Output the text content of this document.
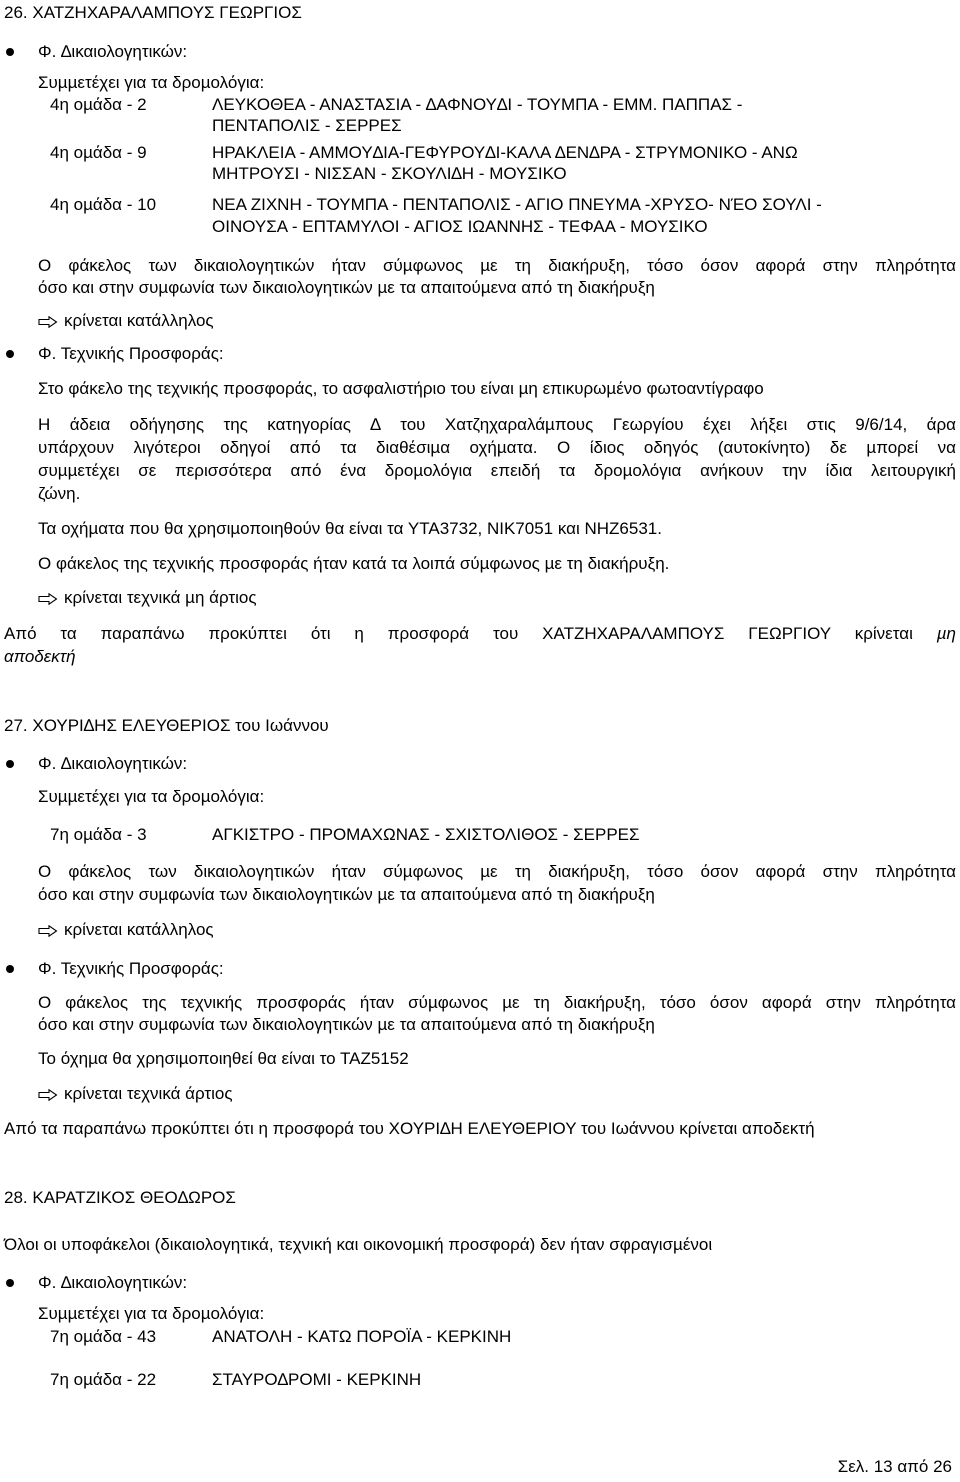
26. ΧΑΤΖΗΧΑΡΑΛΑΜΠΟΥΣ ΓΕΩΡΓΙΟΣ
Φ. ∆ικαιολογητικών:
Συµµετέχει για τα δροµολόγια:
4η οµάδα - 2	ΛΕΥΚΟΘΕΑ - ΑΝΑΣΤΑΣΙΑ - ∆ΑΦΝΟΥ∆Ι - ΤΟΥΜΠΑ - ΕΜΜ. ΠΑΠΠΑΣ -
ΠΕΝΤΑΠΟΛΙΣ - ΣΕΡΡΕΣ
4η οµάδα - 9	ΗΡΑΚΛΕΙΑ - ΑΜΜΟΥ∆ΙΑ-ΓΕΦΥΡΟΥ∆Ι-ΚΑΛΑ ∆ΕΝ∆ΡΑ - ΣΤΡΥΜΟΝΙΚΟ - ΑΝΩ
ΜΗΤΡΟΥΣΙ - ΝΙΣΣΑΝ - ΣΚΟΥΛΙ∆Η - ΜΟΥΣΙΚΟ
4η οµάδα - 10	ΝΕΑ ΖΙΧΝΗ - ΤΟΥΜΠΑ - ΠΕΝΤΑΠΟΛΙΣ - ΑΓΙΟ ΠΝΕΥΜΑ -ΧΡΥΣΟ- ΝΈΟ ΣΟΥΛΙ -
ΟΙΝΟΥΣΑ - ΕΠΤΑΜΥΛΟΙ - ΑΓΙΟΣ ΙΩΑΝΝΗΣ - ΤΕΦΑΑ - ΜΟΥΣΙΚΟ
Ο φάκελος των δικαιολογητικών ήταν σύµφωνος µε τη διακήρυξη, τόσο όσον αφορά στην πληρότητα
όσο και στην συµφωνία των δικαιολογητικών µε τα απαιτούµενα από τη διακήρυξη
κρίνεται κατάλληλος
Φ. Τεχνικής Προσφοράς:
Στο φάκελο της τεχνικής προσφοράς, το ασφαλιστήριο του είναι µη επικυρωµένο φωτοαντίγραφο
Η άδεια οδήγησης της κατηγορίας ∆ του Χατζηχαραλάµπους Γεωργίου έχει λήξει στις 9/6/14, άρα
υπάρχουν λιγότεροι οδηγοί από τα διαθέσιµα οχήµατα. Ο ίδιος οδηγός (αυτοκίνητο) δε µπορεί να
συµµετέχει σε περισσότερα από ένα δροµολόγια επειδή τα δροµολόγια ανήκουν την ίδια λειτουργική
ζώνη.
Τα οχήµατα που θα χρησιµοποιηθούν θα είναι τα ΥΤΑ3732, ΝΙΚ7051 και ΝΗΖ6531.
Ο φάκελος της τεχνικής προσφοράς ήταν κατά τα λοιπά σύµφωνος µε τη διακήρυξη.
κρίνεται τεχνικά µη άρτιος
Από τα παραπάνω προκύπτει ότι η προσφορά του ΧΑΤΖΗΧΑΡΑΛΑΜΠΟΥΣ ΓΕΩΡΓΙΟΥ κρίνεται µη
αποδεκτή
27. ΧΟΥΡΙ∆ΗΣ ΕΛΕΥΘΕΡΙΟΣ του Ιωάννου
Φ. ∆ικαιολογητικών:
Συµµετέχει για τα δροµολόγια:
7η οµάδα - 3	ΑΓΚΙΣΤΡΟ - ΠΡΟΜΑΧΩΝΑΣ - ΣΧΙΣΤΟΛΙΘΟΣ - ΣΕΡΡΕΣ
Ο φάκελος των δικαιολογητικών ήταν σύµφωνος µε τη διακήρυξη, τόσο όσον αφορά στην πληρότητα
όσο και στην συµφωνία των δικαιολογητικών µε τα απαιτούµενα από τη διακήρυξη
κρίνεται κατάλληλος
Φ. Τεχνικής Προσφοράς:
Ο φάκελος της τεχνικής προσφοράς ήταν σύµφωνος µε τη διακήρυξη, τόσο όσον αφορά στην πληρότητα
όσο και στην συµφωνία των δικαιολογητικών µε τα απαιτούµενα από τη διακήρυξη
Το όχηµα θα χρησιµοποιηθεί θα είναι το ΤΑΖ5152
κρίνεται τεχνικά άρτιος
Από τα παραπάνω προκύπτει ότι η προσφορά του ΧΟΥΡΙ∆Η ΕΛΕΥΘΕΡΙΟΥ του Ιωάννου κρίνεται αποδεκτή
28. ΚΑΡΑΤΖΙΚΟΣ ΘΕΟ∆ΩΡΟΣ
Όλοι οι υποφάκελοι (δικαιολογητικά, τεχνική και οικονοµική προσφορά) δεν ήταν σφραγισµένοι
Φ. ∆ικαιολογητικών:
Συµµετέχει για τα δροµολόγια:
7η οµάδα - 43	ΑΝΑΤΟΛΗ - ΚΑΤΩ ΠΟΡΟΪΑ - ΚΕΡΚΙΝΗ
7η οµάδα - 22	ΣΤΑΥΡΟ∆ΡΟΜΙ - ΚΕΡΚΙΝΗ
Σελ. 13 από 26
